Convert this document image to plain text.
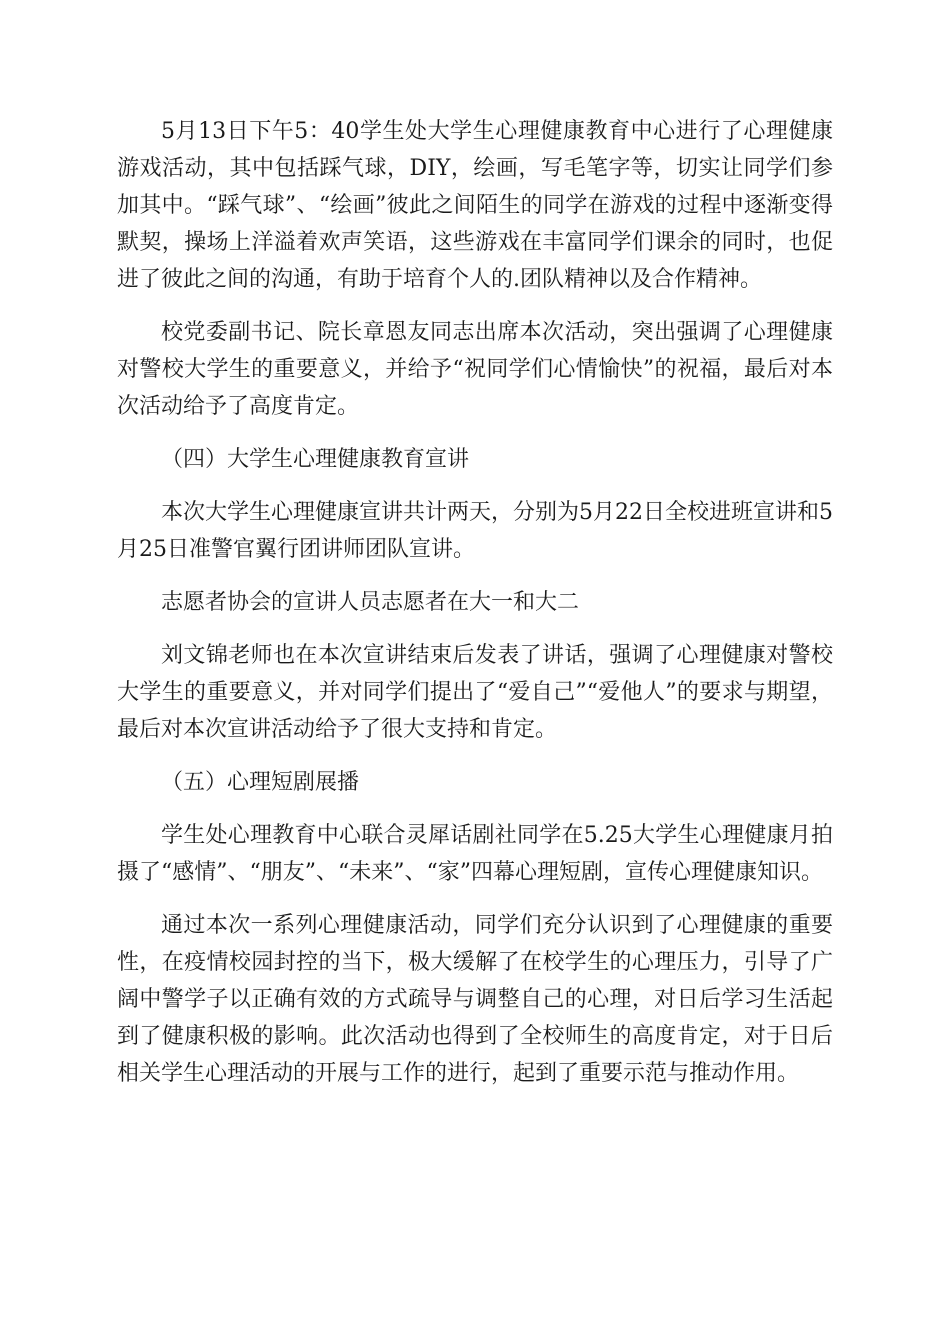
5月13日下午5：40学生处大学生心理健康教育中心进行了心理健康游戏活动，其中包括踩气球，DIY，绘画，写毛笔字等，切实让同学们参加其中。“踩气球”、“绘画”彼此之间陌生的同学在游戏的过程中逐渐变得默契，操场上洋溢着欢声笑语，这些游戏在丰富同学们课余的同时，也促进了彼此之间的沟通，有助于培育个人的.团队精神以及合作精神。

校党委副书记、院长章恩友同志出席本次活动，突出强调了心理健康对警校大学生的重要意义，并给予“祝同学们心情愉快”的祝福，最后对本次活动给予了高度肯定。

（四）大学生心理健康教育宣讲

本次大学生心理健康宣讲共计两天，分别为5月22日全校进班宣讲和5月25日准警官翼行团讲师团队宣讲。

志愿者协会的宣讲人员志愿者在大一和大二

刘文锦老师也在本次宣讲结束后发表了讲话，强调了心理健康对警校大学生的重要意义，并对同学们提出了“爱自己”“爱他人”的要求与期望，最后对本次宣讲活动给予了很大支持和肯定。

（五）心理短剧展播

学生处心理教育中心联合灵犀话剧社同学在5.25大学生心理健康月拍摄了“感情”、“朋友”、“未来”、“家”四幕心理短剧，宣传心理健康知识。

通过本次一系列心理健康活动，同学们充分认识到了心理健康的重要性，在疫情校园封控的当下，极大缓解了在校学生的心理压力，引导了广阔中警学子以正确有效的方式疏导与调整自己的心理，对日后学习生活起到了健康积极的影响。此次活动也得到了全校师生的高度肯定，对于日后相关学生心理活动的开展与工作的进行，起到了重要示范与推动作用。
